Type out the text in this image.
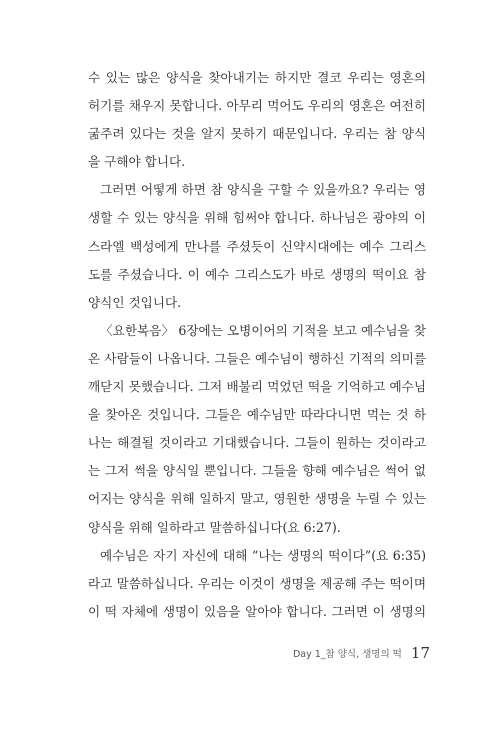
수 있는 많은 양식을 찾아내기는 하지만 결코 우리는 영혼의
허기를 채우지 못합니다. 아무리 먹어도 우리의 영혼은 여전히
굶주려 있다는 것을 알지 못하기 때문입니다. 우리는 참 양식
을 구해야 합니다.
그러면 어떻게 하면 참 양식을 구할 수 있을까요? 우리는 영
생할 수 있는 양식을 위해 힘써야 합니다. 하나님은 광야의 이
스라엘 백성에게 만나를 주셨듯이 신약시대에는 예수 그리스
도를 주셨습니다. 이 예수 그리스도가 바로 생명의 떡이요 참
양식인 것입니다.
〈요한복음〉 6장에는 오병이어의 기적을 보고 예수님을 찾
온 사람들이 나옵니다. 그들은 예수님이 행하신 기적의 의미를
깨닫지 못했습니다. 그저 배불리 먹었던 떡을 기억하고 예수님
을 찾아온 것입니다. 그들은 예수님만 따라다니면 먹는 것 하
나는 해결될 것이라고 기대했습니다. 그들이 원하는 것이라고
는 그저 썩을 양식일 뿐입니다. 그들을 향해 예수님은 썩어 없
어지는 양식을 위해 일하지 말고, 영원한 생명을 누릴 수 있는
양식을 위해 일하라고 말씀하십니다(요 6:27).
예수님은 자기 자신에 대해 “나는 생명의 떡이다”(요 6:35)
라고 말씀하십니다. 우리는 이것이 생명을 제공해 주는 떡이며
이 떡 자체에 생명이 있음을 알아야 합니다. 그러면 이 생명의
Day 1_참 양식, 생명의 떡 17
